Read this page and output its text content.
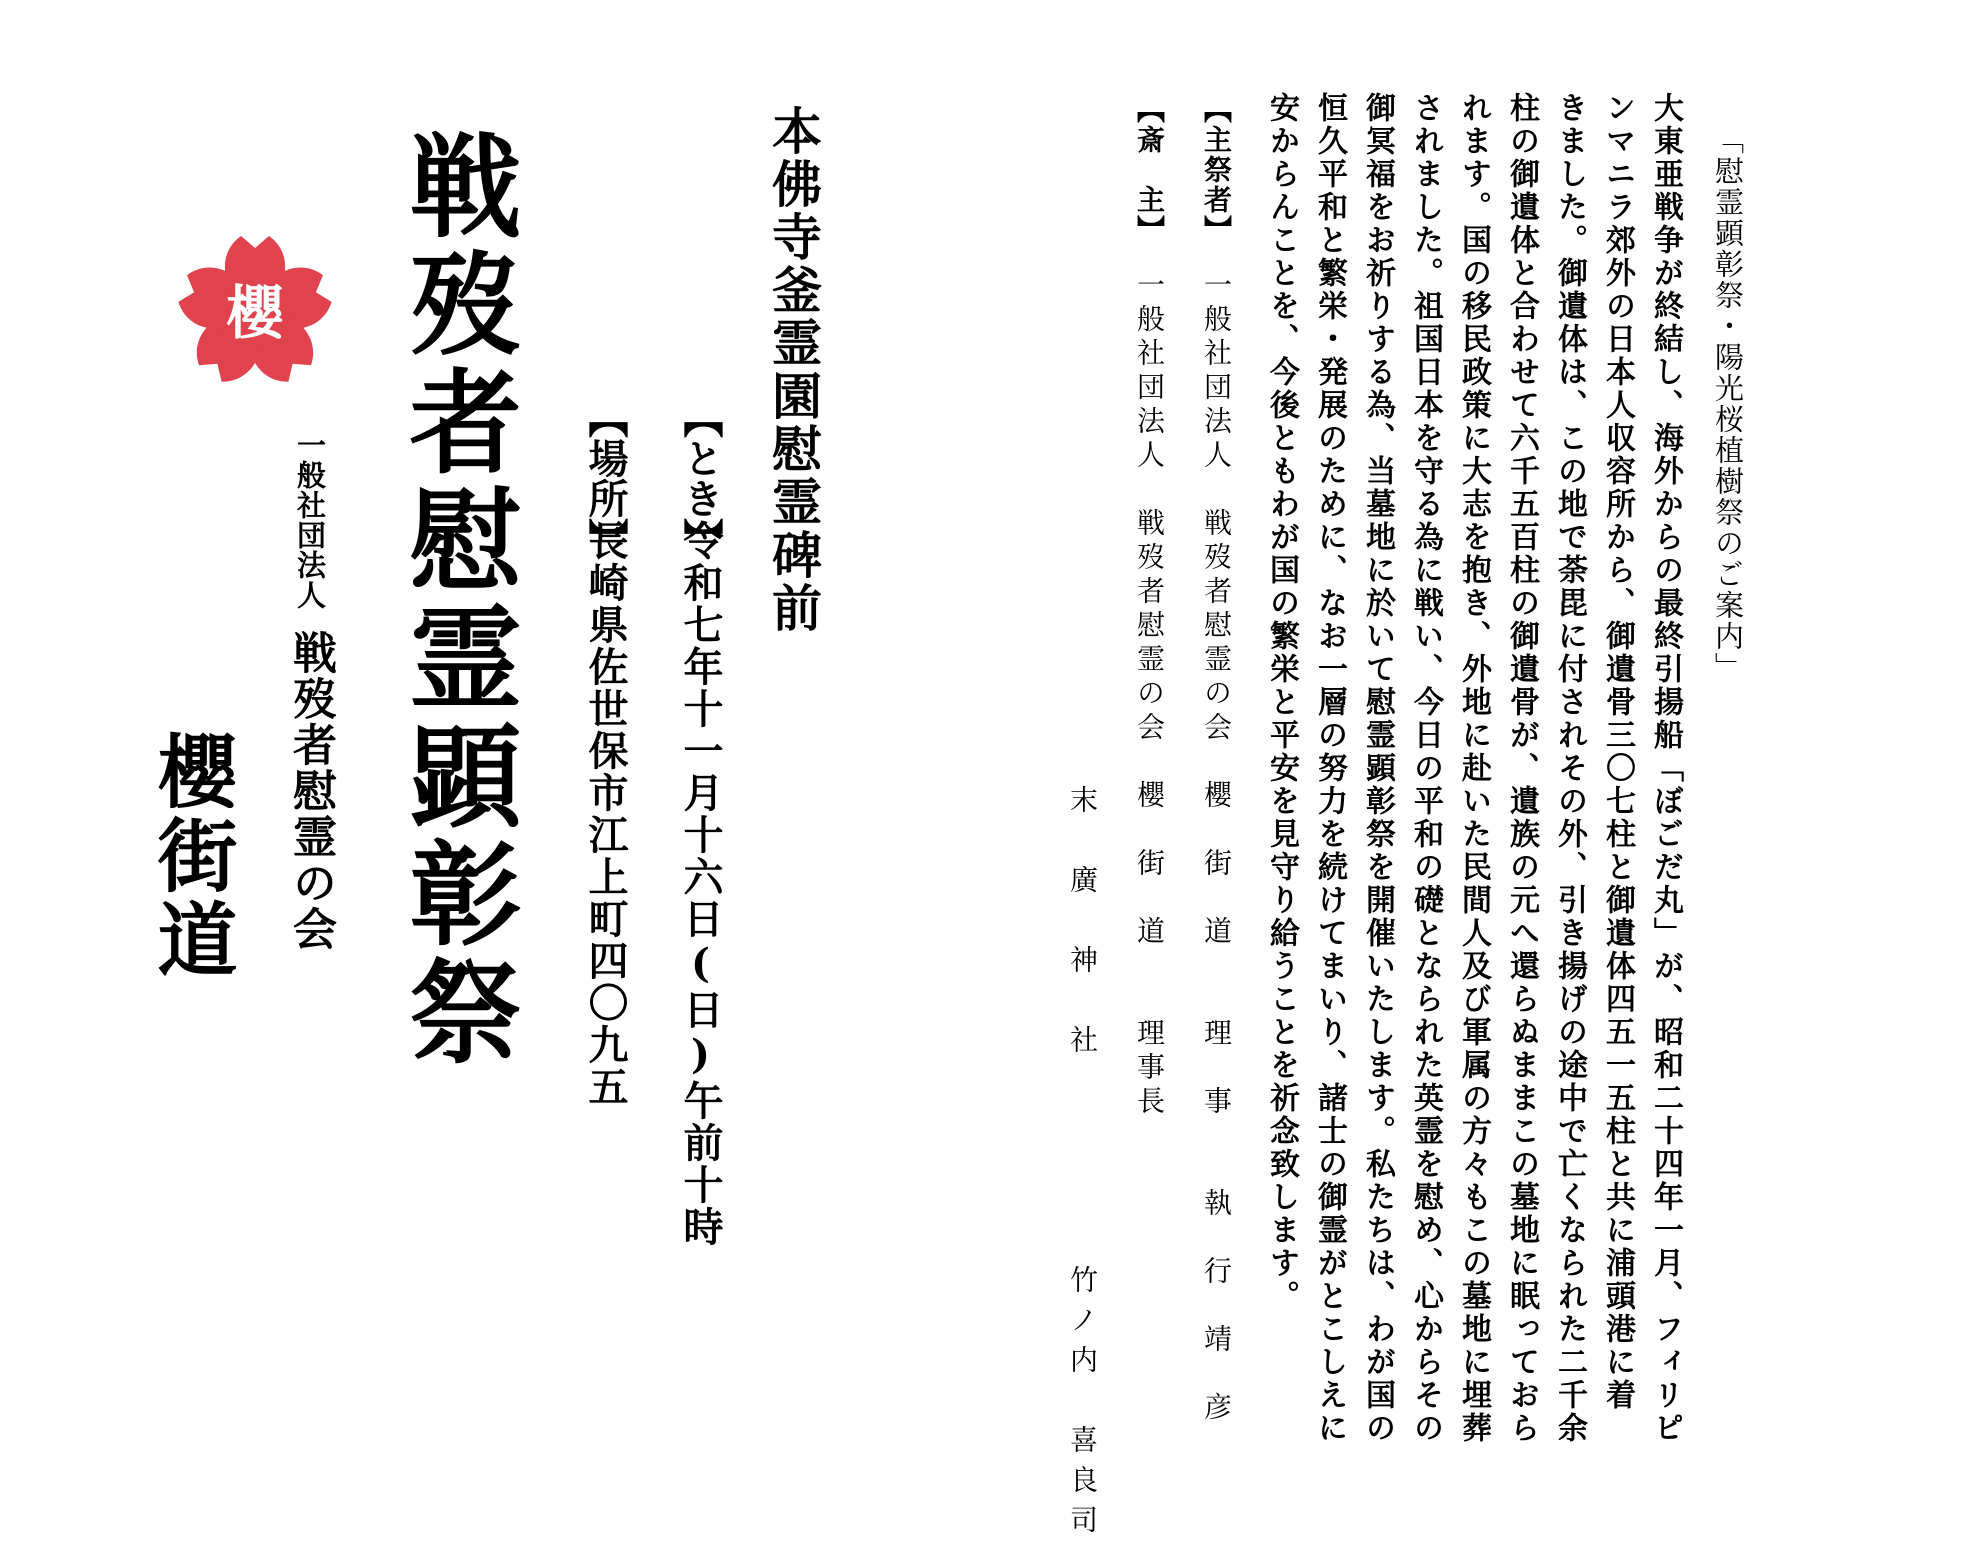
「慰霊顕彰祭・陽光桜植樹祭のご案内」
大東亜戦争が終結し、海外からの最終引揚船「ぼごだ丸」が、昭和二十四年一月、フィリピ
ンマニラ郊外の日本人収容所から、御遺骨三〇七柱と御遺体四五一五柱と共に浦頭港に着
きました。御遺体は、この地で荼毘に付されその外、引き揚げの途中で亡くなられた二千余
柱の御遺体と合わせて六千五百柱の御遺骨が、遺族の元へ還らぬままこの墓地に眠っておら
れます。国の移民政策に大志を抱き、外地に赴いた民間人及び軍属の方々もこの墓地に埋葬
されました。祖国日本を守る為に戦い、今日の平和の礎となられた英霊を慰め、心からその
御冥福をお祈りする為、当墓地に於いて慰霊顕彰祭を開催いたします。私たちは、わが国の
恒久平和と繁栄・発展のために、なお一層の努力を続けてまいり、諸士の御霊がとこしえに
安からんことを、今後ともわが国の繁栄と平安を見守り給うことを祈念致します。
【主祭者】
一般社団法人　戦歿者慰霊の会　櫻　街　道　　理　事　　執　行　靖　彦
【斎　主】
一般社団法人　戦歿者慰霊の会　櫻　街　道　　理事長
末　廣　神　社　　　　　竹ノ内　喜良司
本佛寺釜霊園慰霊碑前
【とき】
令和七年十一月十六日(日)午前十時
【場所】
長崎県佐世保市江上町四〇九五
戦歿者慰霊顕彰祭
櫻
一般社団法人
戦歿者慰霊の会
櫻街道
